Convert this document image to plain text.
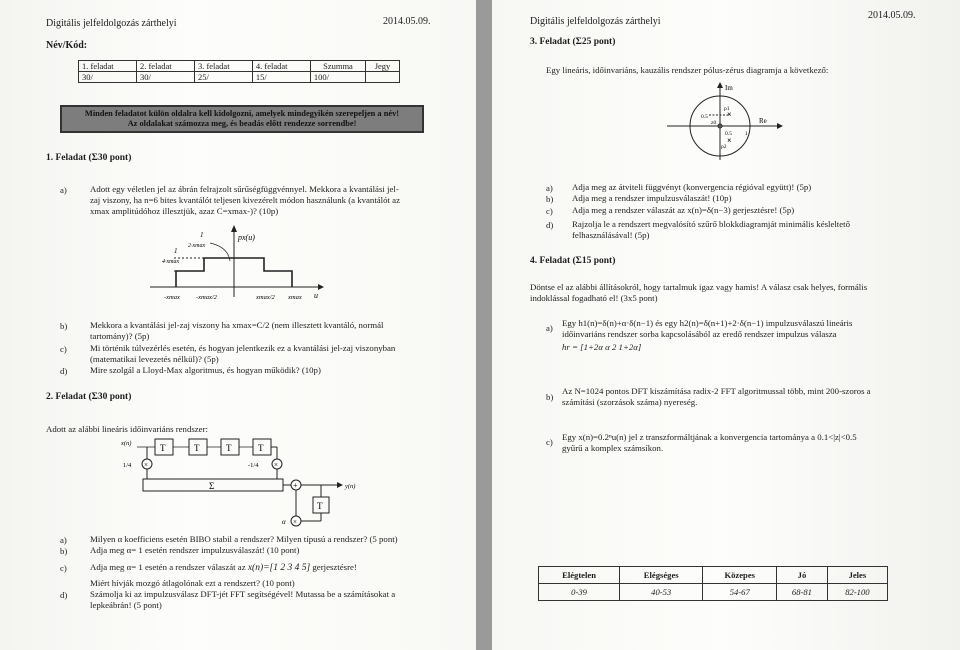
Digitális jelfeldolgozás zárthelyi	2014.05.09.
Név/Kód:
1. feladat	2. feladat	3. feladat	4. feladat	Szumma	Jegy
30/	30/	25/	15/	100/	
Minden feladatot külön oldalra kell kidolgozni, amelyek mindegyikén szerepeljen a név!
Az oldalakat számozza meg, és beadás előtt rendezze sorrendbe!
1. Feladat (Σ30 pont)
a)	Adott egy véletlen jel az ábrán felrajzolt sűrűségfüggvénnyel. Mekkora a kvantálási jel-
zaj viszony, ha n=6 bites kvantálót teljesen kivezérelt módon használunk (a kvantálót az
xmax amplitúdóhoz illesztjük, azaz C=xmax-)? (10p)
px(u)
u
1
2·xmax
1
4·xmax
-xmax -xmax/2	xmax/2 xmax
b)	Mekkora a kvantálási jel-zaj viszony ha xmax=C/2 (nem illesztett kvantáló, normál
tartomány)? (5p)
c)	Mi történik túlvezérlés esetén, és hogyan jelentkezik ez a kvantálási jel-zaj viszonyban
(matematikai levezetés nélkül)? (5p)
d)	Mire szolgál a Lloyd-Max algoritmus, és hogyan működik? (10p)
2. Feladat (Σ30 pont)
Adott az alábbi lineáris időinvariáns rendszer:
T	T	T	T
x(n)
×
1/4	×
-1/4
Σ	+	y(n)
T
×
α
a)	Milyen α koefficiens esetén BIBO stabil a rendszer? Milyen típusú a rendszer? (5 pont)
b)	Adja meg α= 1 esetén rendszer impulzusválaszát! (10 pont)
c)	Adja meg α= 1 esetén a rendszer válaszát az x(n)=[1 2 3 4 5] gerjesztésre!
Miért hívják mozgó átlagolónak ezt a rendszert? (10 pont)
d)	Számolja ki az impulzusválasz DFT-jét FFT segítségével! Mutassa be a számításokat a
lepkeábrán! (5 pont)
Digitális jelfeldolgozás zárthelyi
2014.05.09.
3. Feladat (Σ25 pont)
Egy lineáris, időinvariáns, kauzális rendszer pólus-zérus diagramja a következő:
Im
Re
×
p1
×
p2
z0
0.5
0.5 1
a) Adja meg az átviteli függvényt (konvergencia régióval együtt)! (5p)
b) Adja meg a rendszer impulzusválaszát! (10p)
c) Adja meg a rendszer válaszát az x(n)=δ(n−3) gerjesztésre! (5p)
d) Rajzolja le a rendszert megvalósító szűrő blokkdiagramját minimális késleltető
felhasználásával! (5p)
4. Feladat (Σ15 pont)
Döntse el az alábbi állításokról, hogy tartalmuk igaz vagy hamis! A válasz csak helyes, formális
indoklással fogadható el! (3x5 pont)
a) Egy h1(n)=δ(n)+α·δ(n−1) és egy h2(n)=δ(n+1)+2·δ(n−1) impulzusválaszú lineáris
időinvariáns rendszer sorba kapcsolásából az eredő rendszer impulzus válasza
hr = [1+2α α 2 1+2α]
b)
Az N=1024 pontos DFT kiszámítása radix-2 FFT algoritmussal több, mint 200-szoros a
számítási (szorzások száma) nyereség.
c) Egy x(n)=0.2ⁿu(n) jel z transzformáltjának a konvergencia tartománya a 0.1<|z|<0.5
gyűrű a komplex számsíkon.
Elégtelen	Elégséges	Közepes	Jó	Jeles
0-39	40-53	54-67	68-81	82-100
